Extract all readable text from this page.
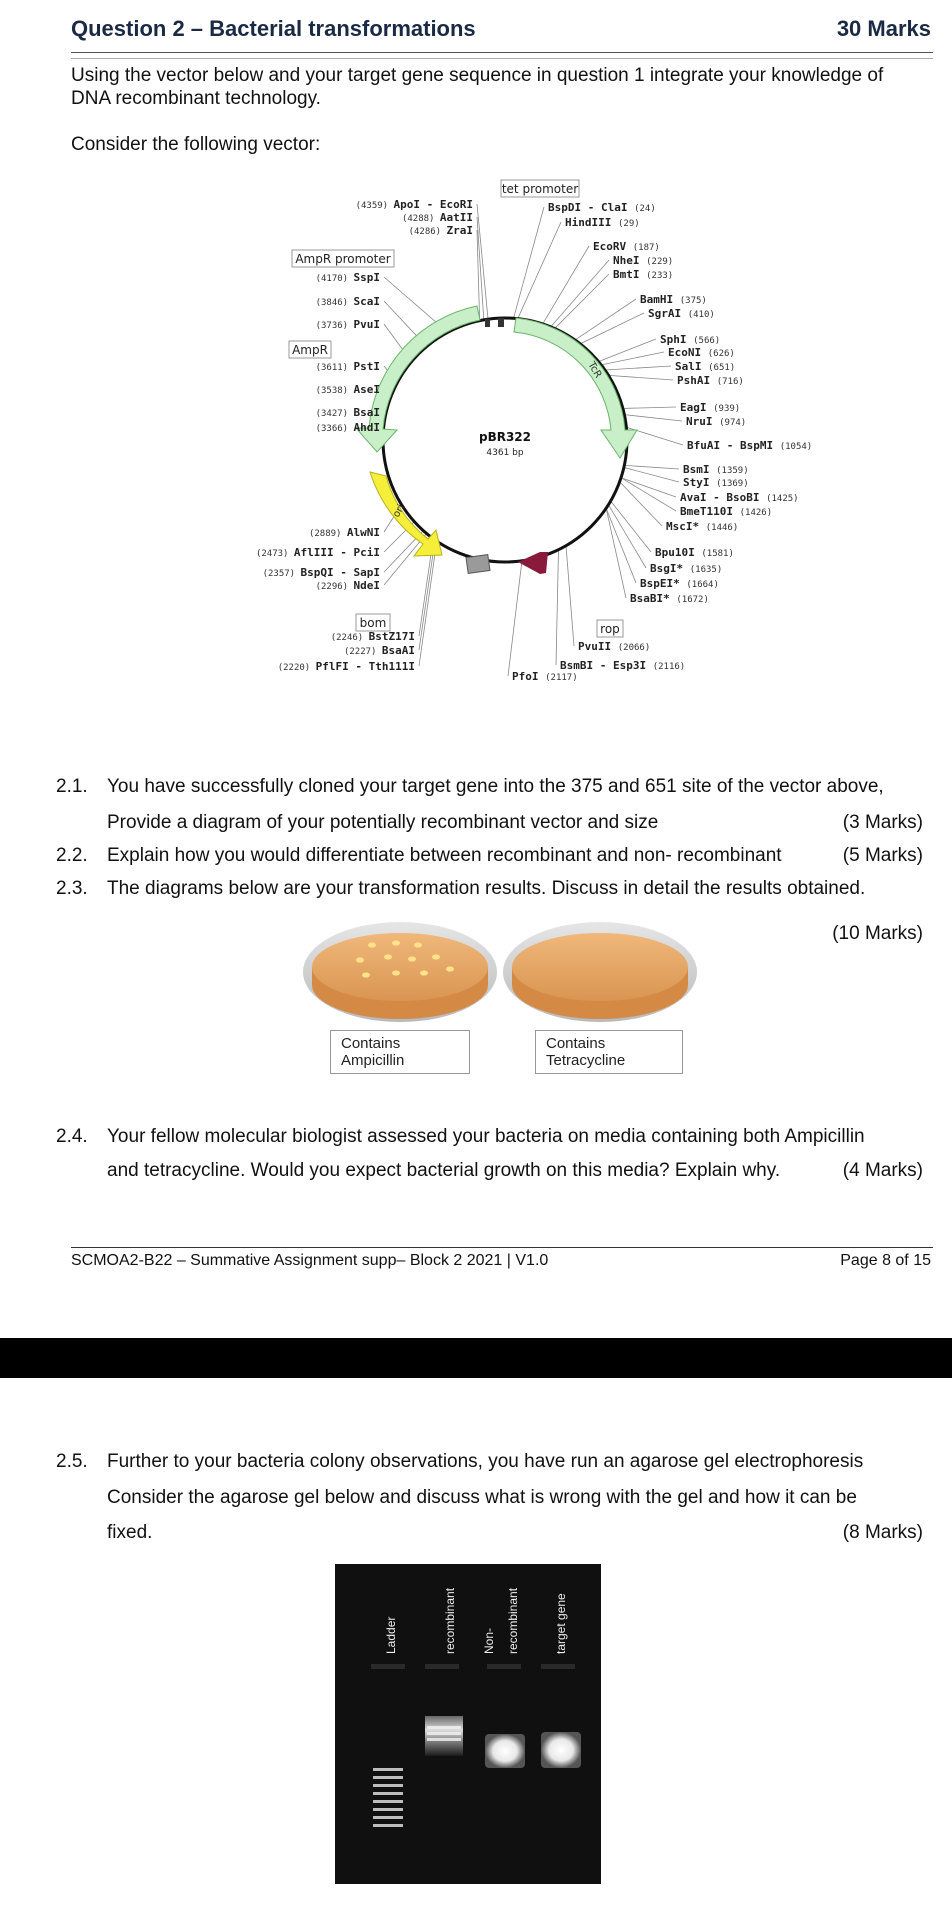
Question 2 – Bacterial transformations	30 Marks
Using the vector below and your target gene sequence in question 1 integrate your knowledge of
DNA recombinant technology.
Consider the following vector:
pBR322
4361 bp
ori
TcR
tet promoter
AmpR promoter
AmpR
bom	rop
(4359) ApoI - EcoRI
(4288) AatII
(4286) ZraI
(4170) SspI
(3846) ScaI
(3736) PvuI
(3611) PstI
(3538) AseI
(3427) BsaI
(3366) AhdI
(2889) AlwNI
(2473) AflIII - PciI
(2357) BspQI - SapI
(2296) NdeI
(2246) BstZ17I
(2227) BsaAI
(2220) PflFI - Tth111I
BspDI - ClaI (24)
HindIII (29)
EcoRV (187)
NheI (229)
BmtI (233)
BamHI (375)
SgrAI (410)
SphI (566)
EcoNI (626)
SalI (651)
PshAI (716)
EagI (939)
NruI (974)
BfuAI - BspMI (1054)
BsmI (1359)
StyI (1369)
AvaI - BsoBI (1425)
BmeT110I (1426)
MscI* (1446)
Bpu10I (1581)
BsgI* (1635)
BspEI* (1664)
BsaBI* (1672)
PvuII (2066)
BsmBI - Esp3I (2116)
PfoI (2117)
2.1. You have successfully cloned your target gene into the 375 and 651 site of the vector above,
Provide a diagram of your potentially recombinant vector and size	(3 Marks)
2.2. Explain how you would differentiate between recombinant and non- recombinant	(5 Marks)
2.3. The diagrams below are your transformation results. Discuss in detail the results obtained.
(10 Marks)
Contains Ampicillin
Contains Tetracycline
2.4. Your fellow molecular biologist assessed your bacteria on media containing both Ampicillin
and tetracycline. Would you expect bacterial growth on this media? Explain why.	(4 Marks)
SCMOA2-B22 – Summative Assignment supp– Block 2 2021 | V1.0	Page 8 of 15
2.5. Further to your bacteria colony observations, you have run an agarose gel electrophoresis
Consider the agarose gel below and discuss what is wrong with the gel and how it can be
fixed.	(8 Marks)
Ladder	recombinant Non- recombinant	target gene
